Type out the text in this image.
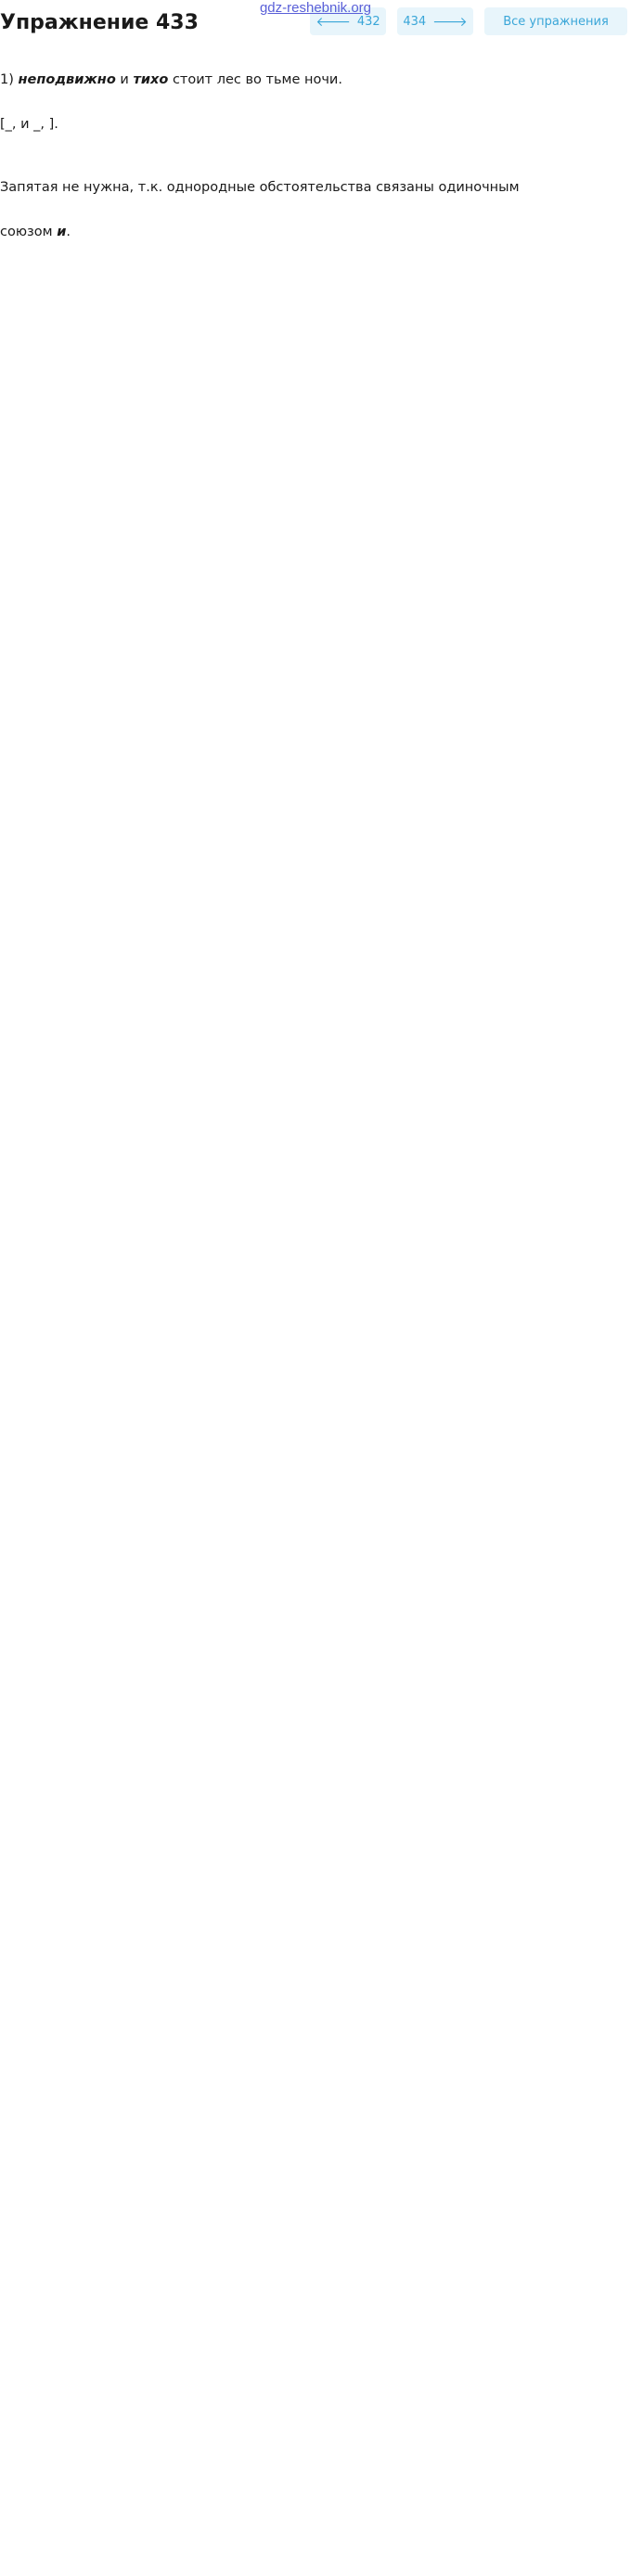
gdz-reshebnik.org
Упражнение 433	🡐 432 434 🡒	Все упражнения
1) неподвижно и тихо стоит лес во тьме ночи.
[_, и _, ].
Запятая не нужна, т.к. однородные обстоятельства связаны одиночным
союзом и.
